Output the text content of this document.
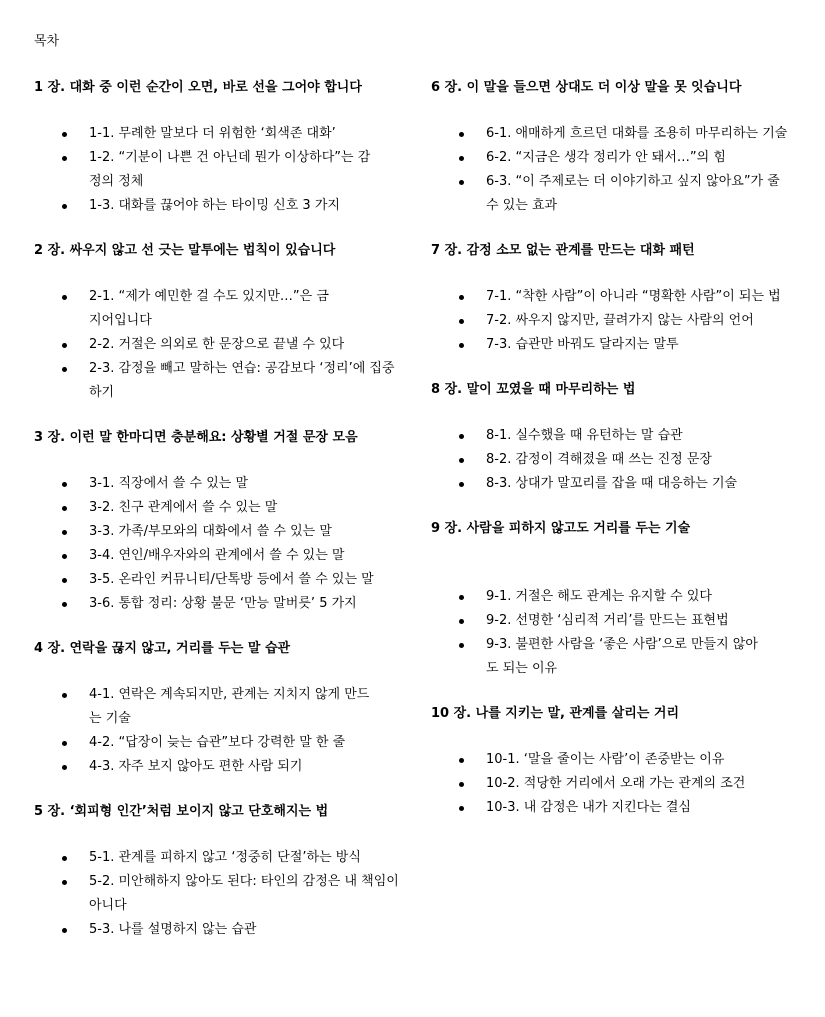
목차
1 장. 대화 중 이런 순간이 오면, 바로 선을 그어야 합니다
1-1. 무례한 말보다 더 위험한 ‘회색존 대화’
1-2. “기분이 나쁜 건 아닌데 뭔가 이상하다”는 감정의 정체
1-3. 대화를 끊어야 하는 타이밍 신호 3 가지
2 장. 싸우지 않고 선 긋는 말투에는 법칙이 있습니다
2-1. “제가 예민한 걸 수도 있지만…”은 금지어입니다
2-2. 거절은 의외로 한 문장으로 끝낼 수 있다
2-3. 감정을 빼고 말하는 연습: 공감보다 ‘정리’에 집중하기
3 장. 이런 말 한마디면 충분해요: 상황별 거절 문장 모음
3-1. 직장에서 쓸 수 있는 말
3-2. 친구 관계에서 쓸 수 있는 말
3-3. 가족/부모와의 대화에서 쓸 수 있는 말
3-4. 연인/배우자와의 관계에서 쓸 수 있는 말
3-5. 온라인 커뮤니티/단톡방 등에서 쓸 수 있는 말
3-6. 통합 정리: 상황 불문 ‘만능 말버릇’ 5 가지
4 장. 연락을 끊지 않고, 거리를 두는 말 습관
4-1. 연락은 계속되지만, 관계는 지치지 않게 만드는 기술
4-2. “답장이 늦는 습관”보다 강력한 말 한 줄
4-3. 자주 보지 않아도 편한 사람 되기
5 장. ‘회피형 인간’처럼 보이지 않고 단호해지는 법
5-1. 관계를 피하지 않고 ‘정중히 단절’하는 방식
5-2. 미안해하지 않아도 된다: 타인의 감정은 내 책임이 아니다
5-3. 나를 설명하지 않는 습관
6 장. 이 말을 들으면 상대도 더 이상 말을 못 잇습니다
6-1. 애매하게 흐르던 대화를 조용히 마무리하는 기술
6-2. “지금은 생각 정리가 안 돼서…”의 힘
6-3. “이 주제로는 더 이야기하고 싶지 않아요”가 줄 수 있는 효과
7 장. 감정 소모 없는 관계를 만드는 대화 패턴
7-1. “착한 사람”이 아니라 “명확한 사람”이 되는 법
7-2. 싸우지 않지만, 끌려가지 않는 사람의 언어
7-3. 습관만 바꿔도 달라지는 말투
8 장. 말이 꼬였을 때 마무리하는 법
8-1. 실수했을 때 유턴하는 말 습관
8-2. 감정이 격해졌을 때 쓰는 진정 문장
8-3. 상대가 말꼬리를 잡을 때 대응하는 기술
9 장. 사람을 피하지 않고도 거리를 두는 기술
9-1. 거절은 해도 관계는 유지할 수 있다
9-2. 선명한 ‘심리적 거리’를 만드는 표현법
9-3. 불편한 사람을 ‘좋은 사람’으로 만들지 않아도 되는 이유
10 장. 나를 지키는 말, 관계를 살리는 거리
10-1. ‘말을 줄이는 사람’이 존중받는 이유
10-2. 적당한 거리에서 오래 가는 관계의 조건
10-3. 내 감정은 내가 지킨다는 결심
